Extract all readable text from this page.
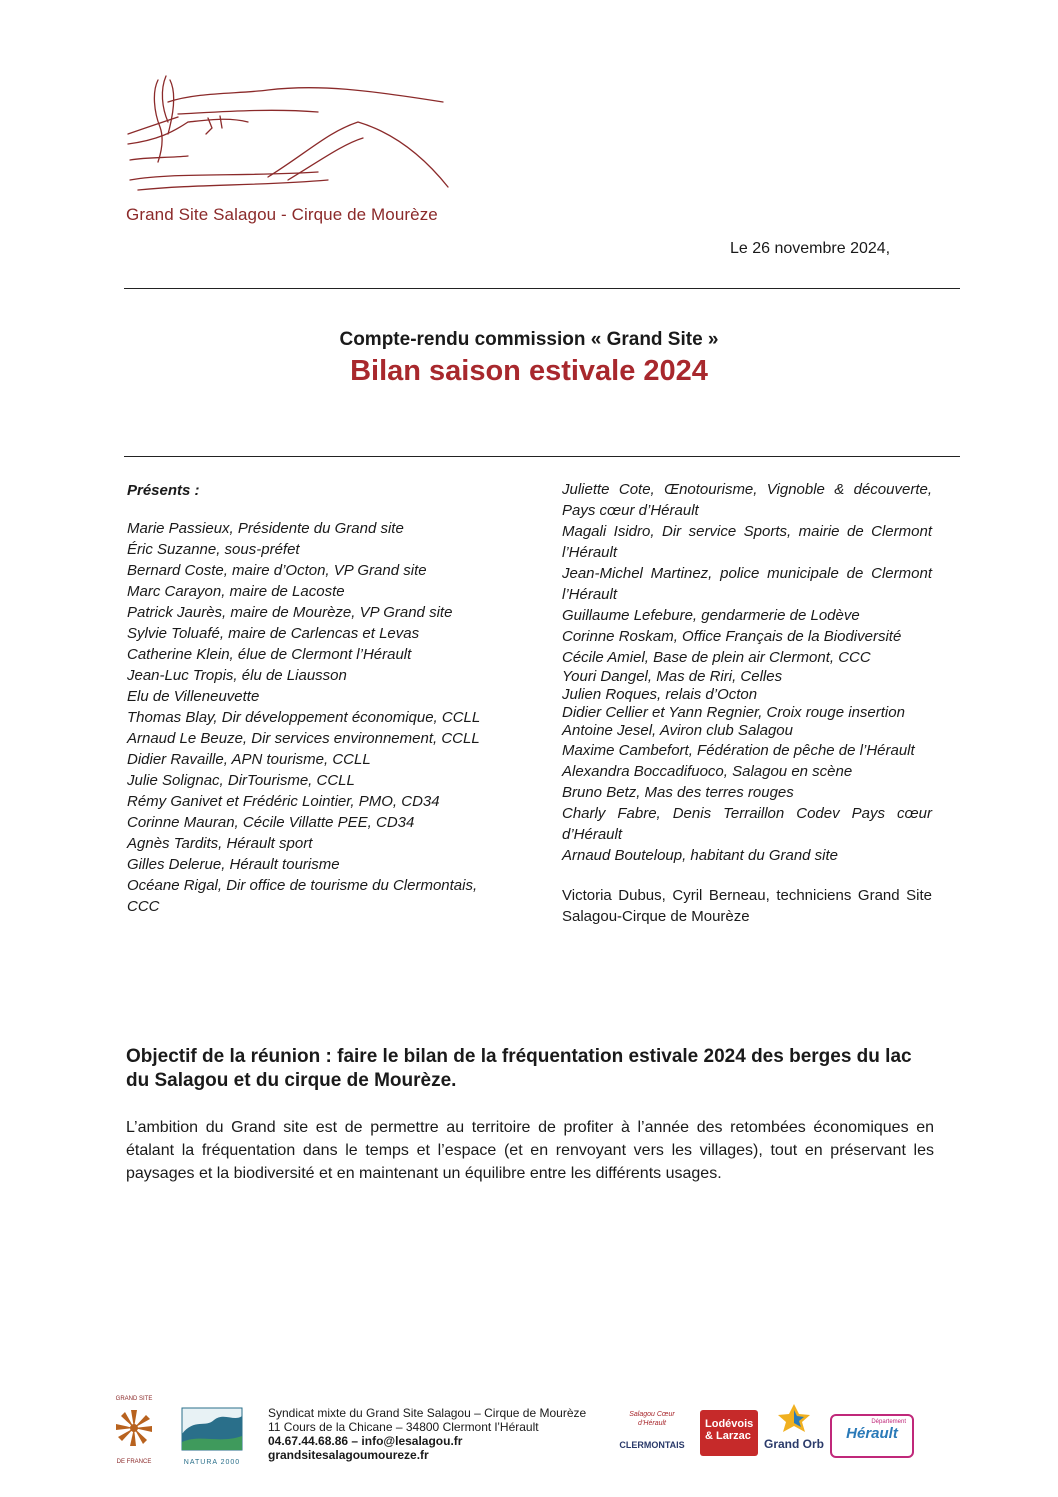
Grand Site Salagou - Cirque de Mourèze
Le 26 novembre 2024,
Compte-rendu commission « Grand Site »
Bilan saison estivale 2024
Présents :
Marie Passieux, Présidente du Grand site
Éric Suzanne, sous-préfet
Bernard Coste, maire d’Octon, VP Grand site
Marc Carayon, maire de Lacoste
Patrick Jaurès, maire de Mourèze, VP Grand site
Sylvie Toluafé, maire de Carlencas et Levas
Catherine Klein, élue de Clermont l’Hérault
Jean-Luc Tropis, élu de Liausson
Elu de Villeneuvette
Thomas Blay, Dir développement économique, CCLL
Arnaud Le Beuze, Dir services environnement, CCLL
Didier Ravaille, APN tourisme, CCLL
Julie Solignac, DirTourisme, CCLL
Rémy Ganivet et Frédéric Lointier, PMO, CD34
Corinne Mauran, Cécile Villatte PEE, CD34
Agnès Tardits, Hérault sport
Gilles Delerue, Hérault tourisme
Océane Rigal, Dir office de tourisme du Clermontais, CCC
Juliette Cote, Œnotourisme, Vignoble & découverte, Pays cœur d’Hérault
Magali Isidro, Dir service Sports, mairie de Clermont l’Hérault
Jean-Michel Martinez, police municipale de Clermont l’Hérault
Guillaume Lefebure, gendarmerie de Lodève
Corinne Roskam, Office Français de la Biodiversité
Cécile Amiel, Base de plein air Clermont, CCC
Youri Dangel, Mas de Riri, Celles
Julien Roques, relais d’Octon
Didier Cellier et Yann Regnier, Croix rouge insertion
Antoine Jesel, Aviron club Salagou
Maxime Cambefort, Fédération de pêche de l’Hérault
Alexandra Boccadifuoco, Salagou en scène
Bruno Betz, Mas des terres rouges
Charly Fabre, Denis Terraillon Codev Pays cœur d’Hérault
Arnaud Bouteloup, habitant du Grand site
Victoria Dubus, Cyril Berneau, techniciens Grand Site Salagou-Cirque de Mourèze
Objectif de la réunion : faire le bilan de la fréquentation estivale 2024 des berges du lac du Salagou et du cirque de Mourèze.
L’ambition du Grand site est de permettre au territoire de profiter à l’année des retombées économiques en étalant la fréquentation dans le temps et l’espace (et en renvoyant vers les villages), tout en préservant les paysages et la biodiversité et en maintenant un équilibre entre les différents usages.
GRAND SITE
DE FRANCE	NATURA 2000
Syndicat mixte du Grand Site Salagou – Cirque de Mourèze
11 Cours de la Chicane – 34800 Clermont l’Hérault
04.67.44.68.86 – info@lesalagou.fr
grandsitesalagoumoureze.fr
Salagou Cœur d’Hérault
CLERMONTAIS
Lodévois
& Larzac
Grand Orb
Département
Hérault
